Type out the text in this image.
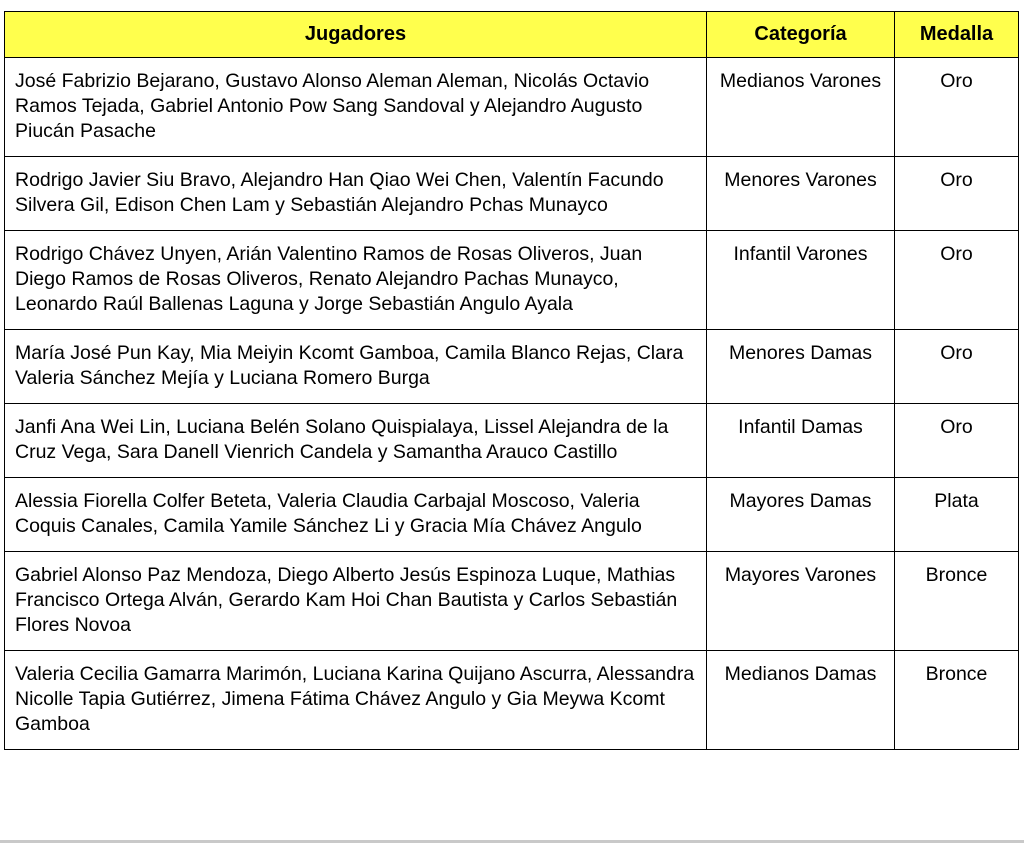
Jugadores	Categoría	Medalla
José Fabrizio Bejarano, Gustavo Alonso Aleman Aleman, Nicolás Octavio Ramos Tejada, Gabriel Antonio Pow Sang Sandoval y Alejandro Augusto Piucán Pasache	Medianos Varones	Oro
Rodrigo Javier Siu Bravo, Alejandro Han Qiao Wei Chen, Valentín Facundo Silvera Gil, Edison Chen Lam y Sebastián Alejandro Pchas Munayco	Menores Varones	Oro
Rodrigo Chávez Unyen, Arián Valentino Ramos de Rosas Oliveros, Juan Diego Ramos de Rosas Oliveros, Renato Alejandro Pachas Munayco, Leonardo Raúl Ballenas Laguna y Jorge Sebastián Angulo Ayala	Infantil Varones	Oro
María José Pun Kay, Mia Meiyin Kcomt Gamboa, Camila Blanco Rejas, Clara Valeria Sánchez Mejía y Luciana Romero Burga	Menores Damas	Oro
Janfi Ana Wei Lin, Luciana Belén Solano Quispialaya, Lissel Alejandra de la Cruz Vega, Sara Danell Vienrich Candela y Samantha Arauco Castillo	Infantil Damas	Oro
Alessia Fiorella Colfer Beteta, Valeria Claudia Carbajal Moscoso, Valeria Coquis Canales, Camila Yamile Sánchez Li y Gracia Mía Chávez Angulo	Mayores Damas	Plata
Gabriel Alonso Paz Mendoza, Diego Alberto Jesús Espinoza Luque, Mathias Francisco Ortega Alván, Gerardo Kam Hoi Chan Bautista y Carlos Sebastián Flores Novoa	Mayores Varones	Bronce
Valeria Cecilia Gamarra Marimón, Luciana Karina Quijano Ascurra, Alessandra Nicolle Tapia Gutiérrez, Jimena Fátima Chávez Angulo y Gia Meywa Kcomt Gamboa	Medianos Damas	Bronce
